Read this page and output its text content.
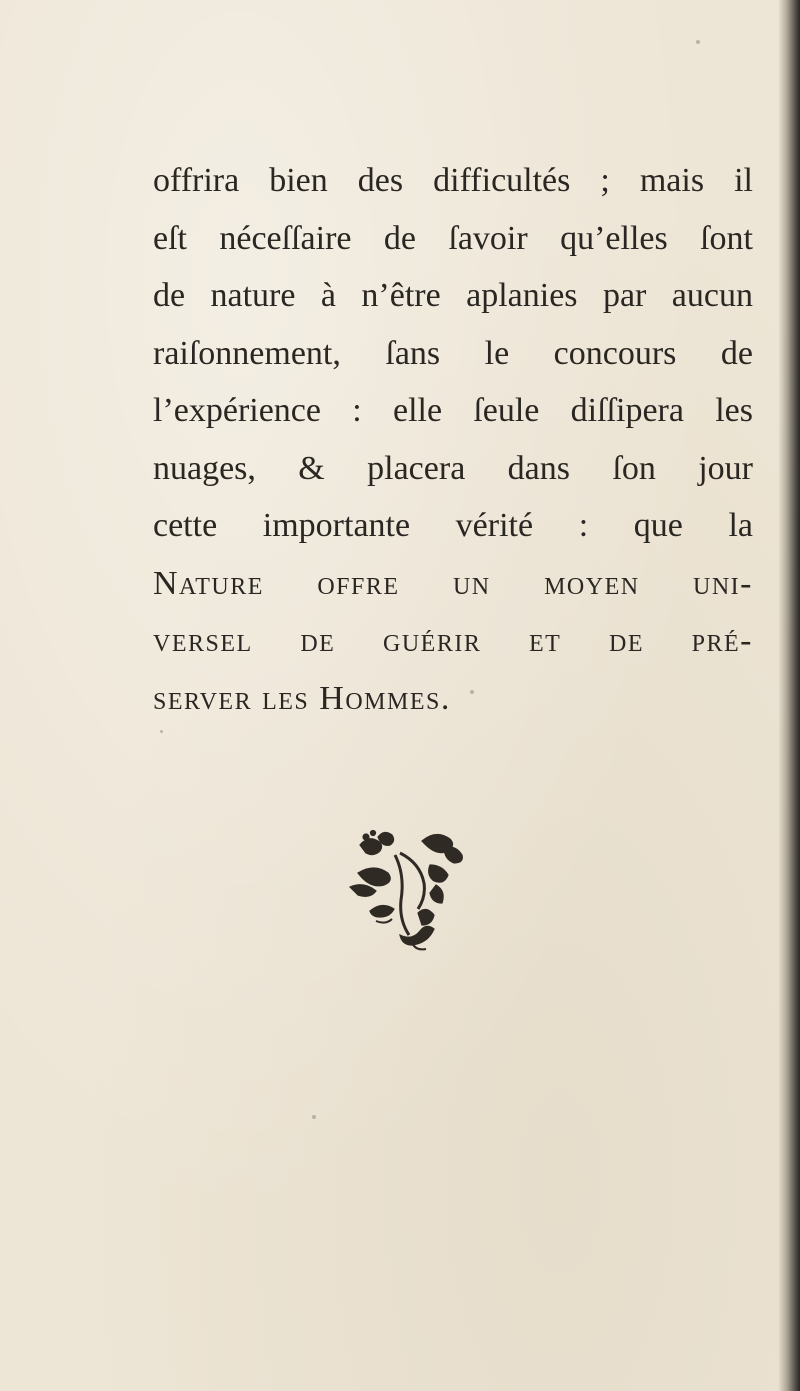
offrira bien des difficultés ; mais il
eſt néceſſaire de ſavoir qu’elles ſont
de nature à n’être aplanies par aucun
raiſonnement, ſans le concours de
l’expérience : elle ſeule diſſipera les
nuages, & placera dans ſon jour
cette importante vérité : que la
Nature offre un moyen uni-
versel de guérir et de pré-
server les Hommes.
